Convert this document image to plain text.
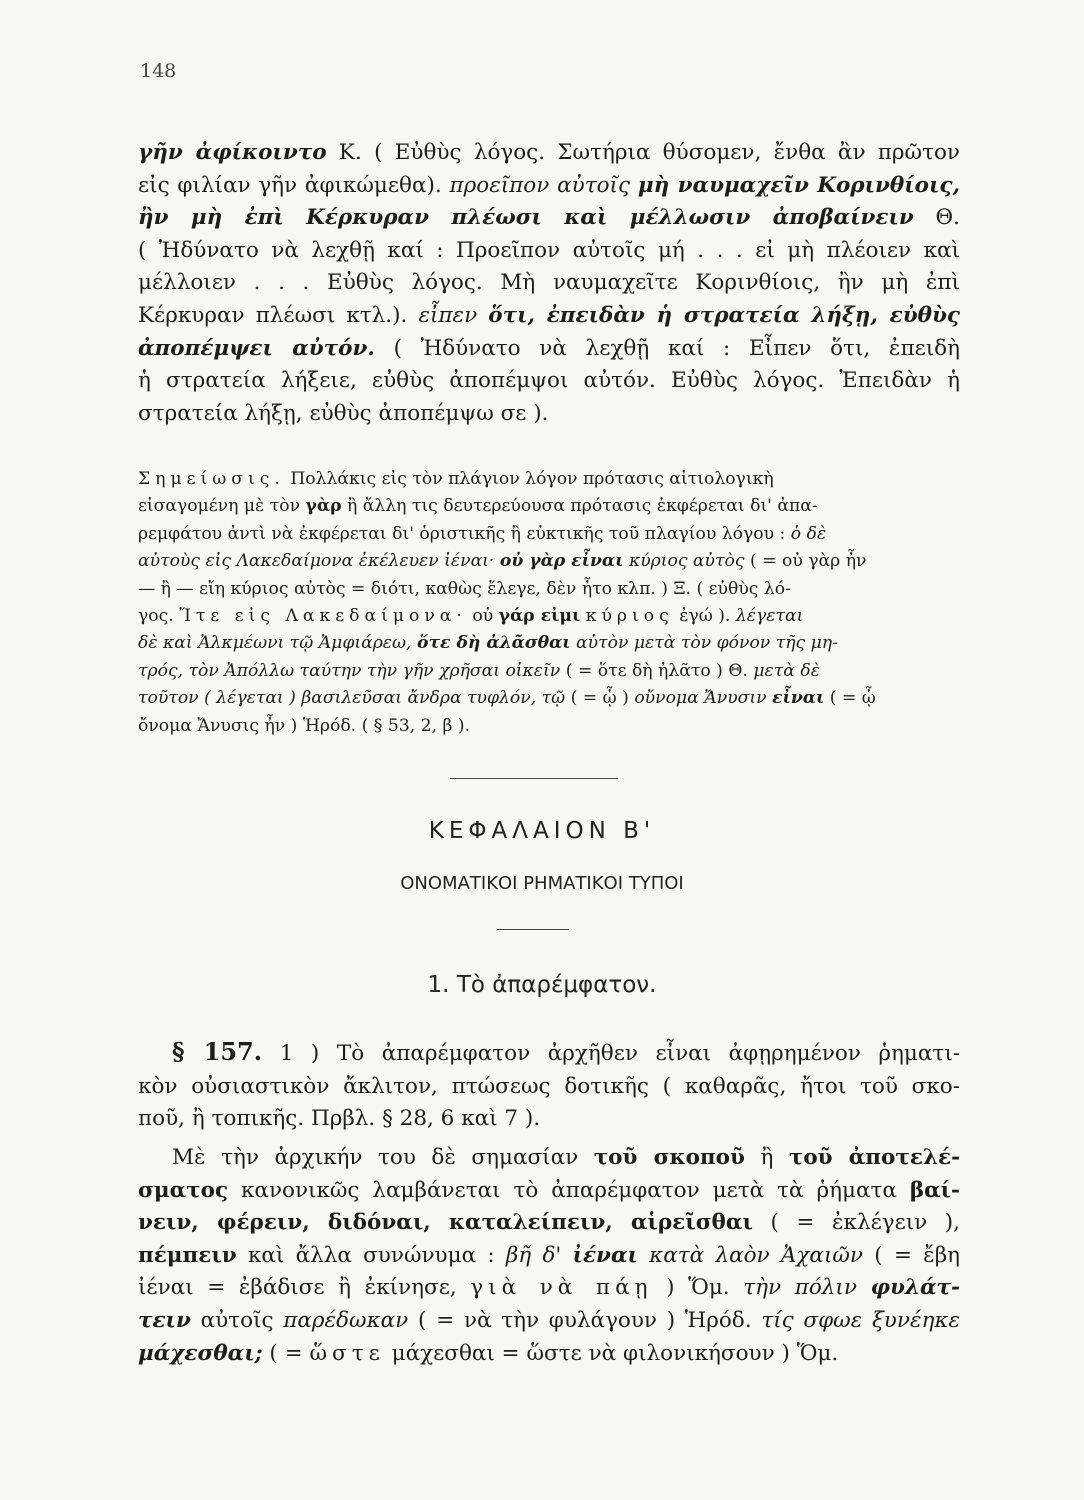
148
γῆν ἀφίκοιντο Κ. ( Εὐθὺς λόγος. Σωτήρια θύσομεν, ἔνθα ἂν πρῶτον
εἰς φιλίαν γῆν ἀφικώμεθα). προεῖπον αὐτοῖς μὴ ναυμαχεῖν Κορινθίοις, ἢν μὴ ἐπὶ Κέρκυραν πλέωσι καὶ μέλλωσιν ἀποβαίνειν Θ.
( Ἠδύνατο νὰ λεχθῇ καί : Προεῖπον αὐτοῖς μή . . . εἰ μὴ πλέοιεν καὶ
μέλλοιεν . . . Εὐθὺς λόγος. Μὴ ναυμαχεῖτε Κορινθίοις, ἢν μὴ ἐπὶ
Κέρκυραν πλέωσι κτλ.). εἶπεν ὅτι, ἐπειδὰν ἡ στρατεία λήξῃ, εὐθὺς ἀποπέμψει αὐτόν. ( Ἠδύνατο νὰ λεχθῇ καί : Εἶπεν ὅτι, ἐπειδὴ
ἡ στρατεία λήξειε, εὐθὺς ἀποπέμψοι αὐτόν. Εὐθὺς λόγος. Ἐπειδὰν ἡ
στρατεία λήξῃ, εὐθὺς ἀποπέμψω σε ).
Σημείωσις. Πολλάκις εἰς τὸν πλάγιον λόγον πρότασις αἰτιολογικὴ
εἰσαγομένη μὲ τὸν γὰρ ἢ ἄλλη τις δευτερεύουσα πρότασις ἐκφέρεται δι' ἀπα-
ρεμφάτου ἀντὶ νὰ ἐκφέρεται δι' ὁριστικῆς ἢ εὐκτικῆς τοῦ πλαγίου λόγου : ὁ δὲ
αὐτοὺς εἰς Λακεδαίμονα ἐκέλευεν ἰέναι· οὐ γὰρ εἶναι κύριος αὐτὸς ( = οὐ γὰρ ἦν
— ἢ — εἴη κύριος αὐτὸς = διότι, καθὼς ἔλεγε, δὲν ἦτο κλπ. ) Ξ. ( εὐθὺς λό-
γος. Ἴτε εἰς Λακεδαίμονα· οὐ γάρ εἰμι κύριος ἐγώ ). λέγεται
δὲ καὶ Ἀλκμέωνι τῷ Ἀμφιάρεω, ὅτε δὴ ἀλᾶσθαι αὐτὸν μετὰ τὸν φόνον τῆς μη-
τρός, τὸν Ἀπόλλω ταύτην τὴν γῆν χρῆσαι οἰκεῖν ( = ὅτε δὴ ἠλᾶτο ) Θ. μετὰ δὲ
τοῦτον ( λέγεται ) βασιλεῦσαι ἄνδρα τυφλόν, τῷ ( = ᾧ ) οὔνομα Ἄνυσιν εἶναι ( = ᾧ
ὄνομα Ἄνυσις ἦν ) Ἡρόδ. ( § 53, 2, β ).
ΚΕΦΑΛΑΙΟΝ Β'
ΟΝΟΜΑΤΙΚΟΙ ΡΗΜΑΤΙΚΟΙ ΤΥΠΟΙ
1. Τὸ ἀπαρέμφατον.
§ 157. 1 ) Τὸ ἀπαρέμφατον ἀρχῆθεν εἶναι ἀφῃρημένον ῥηματι-
κὸν οὐσιαστικὸν ἄκλιτον, πτώσεως δοτικῆς ( καθαρᾶς, ἤτοι τοῦ σκο-
ποῦ, ἢ τοπικῆς. Πρβλ. § 28, 6 καὶ 7 ).
Μὲ τὴν ἀρχικήν του δὲ σημασίαν τοῦ σκοποῦ ἢ τοῦ ἀποτελέ-
σματος κανονικῶς λαμβάνεται τὸ ἀπαρέμφατον μετὰ τὰ ῥήματα βαί-
νειν, φέρειν, διδόναι, καταλείπειν, αἱρεῖσθαι ( = ἐκλέγειν ),
πέμπειν καὶ ἄλλα συνώνυμα : βῆ δ' ἰέναι κατὰ λαὸν Ἀχαιῶν ( = ἔβη
ἰέναι = ἐβάδισε ἢ ἐκίνησε, γιὰ νὰ πάῃ ) Ὅμ. τὴν πόλιν φυλάτ-
τειν αὐτοῖς παρέδωκαν ( = νὰ τὴν φυλάγουν ) Ἡρόδ. τίς σφωε ξυνέηκε
μάχεσθαι; ( = ὥστε μάχεσθαι = ὥστε νὰ φιλονικήσουν ) Ὅμ.
